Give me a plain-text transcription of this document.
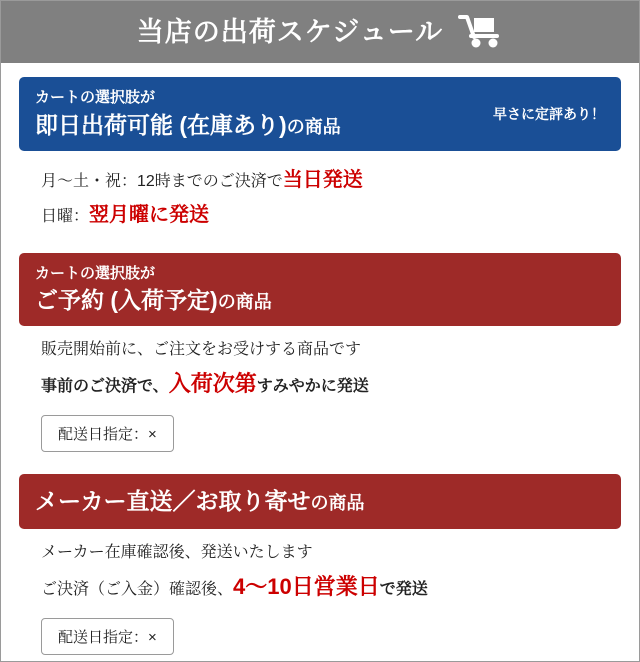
当店の出荷スケジュール
カートの選択肢が
即日出荷可能 (在庫あり)の商品
早さに定評あり！
月〜土・祝：12時までのご決済で当日発送
日曜：翌月曜に発送
カートの選択肢が
ご予約 (入荷予定)の商品
販売開始前に、ご注文をお受けする商品です
事前のご決済で、入荷次第すみやかに発送
配送日指定：×
メーカー直送／お取り寄せの商品
メーカー在庫確認後、発送いたします
ご決済（ご入金）確認後、4〜10日営業日で発送
配送日指定：×
